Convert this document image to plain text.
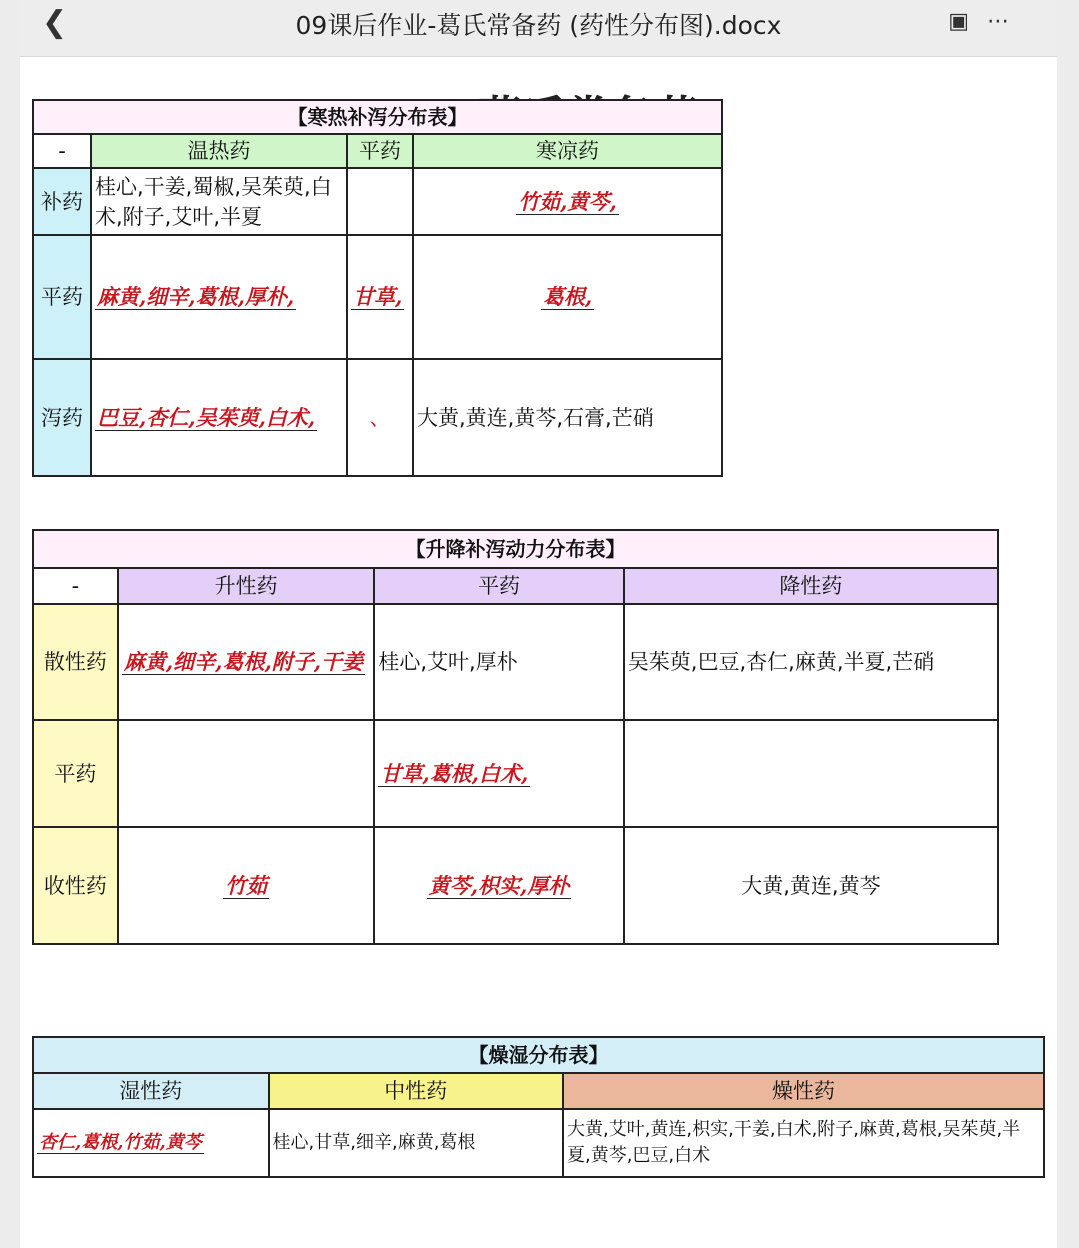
❮	09课后作业-葛氏常备药 (药性分布图).docx	▣⋯
【寒热补泻分布表】			
-	温热药	平药	寒凉药
补药	桂心,干姜,蜀椒,吴茱萸,白术,附子,艾叶,半夏		竹茹,黄芩,
平药	麻黄,细辛,葛根,厚朴,	甘草,	葛根,
泻药	巴豆,杏仁,吴茱萸,白术,	、	大黄,黄连,黄芩,石膏,芒硝
【升降补泻动力分布表】			
-	升性药	平药	降性药
散性药	麻黄,细辛,葛根,附子,干姜	桂心,艾叶,厚朴	吴茱萸,巴豆,杏仁,麻黄,半夏,芒硝
平药		甘草,葛根,白术,	
收性药	竹茹	黄芩,枳实,厚朴	大黄,黄连,黄芩
【燥湿分布表】		
湿性药	中性药	燥性药
杏仁,葛根,竹茹,黄芩	桂心,甘草,细辛,麻黄,葛根	大黄,艾叶,黄连,枳实,干姜,白术,附子,麻黄,葛根,吴茱萸,半夏,黄芩,巴豆,白术
